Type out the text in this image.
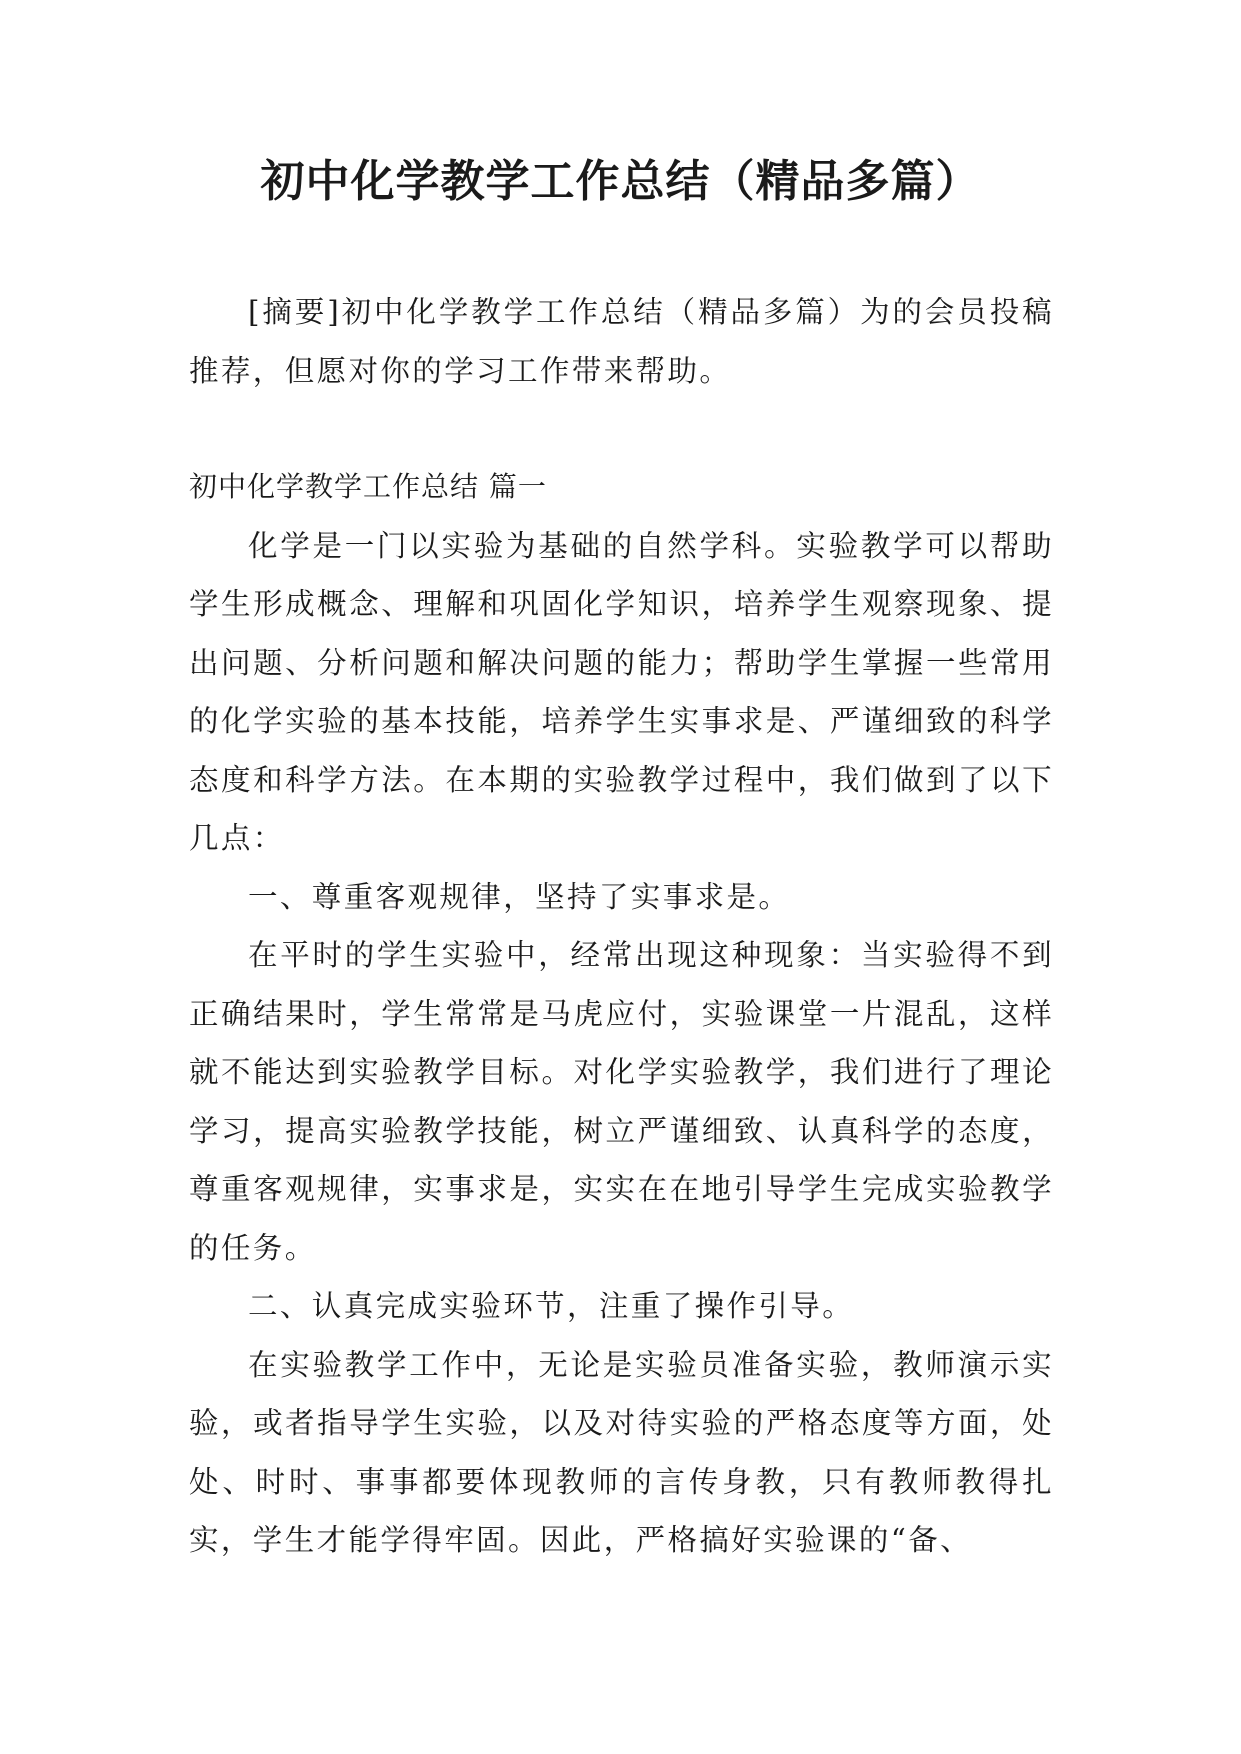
初中化学教学工作总结（精品多篇）

[摘要]初中化学教学工作总结（精品多篇）为的会员投稿推荐，但愿对你的学习工作带来帮助。

初中化学教学工作总结 篇一

化学是一门以实验为基础的自然学科。实验教学可以帮助学生形成概念、理解和巩固化学知识，培养学生观察现象、提出问题、分析问题和解决问题的能力；帮助学生掌握一些常用的化学实验的基本技能，培养学生实事求是、严谨细致的科学态度和科学方法。在本期的实验教学过程中，我们做到了以下几点：

一、尊重客观规律，坚持了实事求是。

在平时的学生实验中，经常出现这种现象：当实验得不到正确结果时，学生常常是马虎应付，实验课堂一片混乱，这样就不能达到实验教学目标。对化学实验教学，我们进行了理论学习，提高实验教学技能，树立严谨细致、认真科学的态度，尊重客观规律，实事求是，实实在在地引导学生完成实验教学的任务。

二、认真完成实验环节，注重了操作引导。

在实验教学工作中，无论是实验员准备实验，教师演示实验，或者指导学生实验，以及对待实验的严格态度等方面，处处、时时、事事都要体现教师的言传身教，只有教师教得扎实，学生才能学得牢固。因此，严格搞好实验课的“备、
